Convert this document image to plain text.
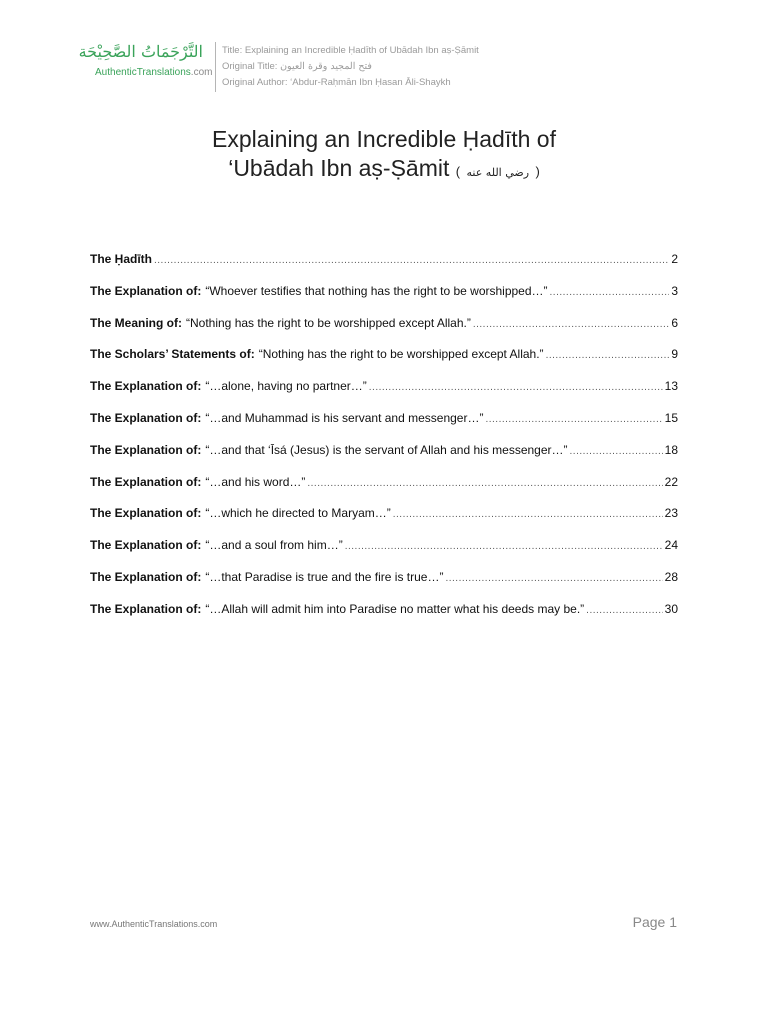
التَّرْجَمَاتُ الصَّحِيْحَة
AuthenticTranslations.com
Title: Explaining an Incredible Ḥadīth of Ubādah Ibn aṣ-Ṣāmit
Original Title: فتح المجيد وقرة العيون
Original Author: ‘Abdur-Raḥmān Ibn Ḥasan Āli-Shaykh
Explaining an Incredible Ḥadīth of
‘Ubādah Ibn aṣ-Ṣāmit ( رضي الله عنه )
The Ḥadīth .....	2
The Explanation of: “Whoever testifies that nothing has the right to be worshipped…” .....	3
The Meaning of: “Nothing has the right to be worshipped except Allah.” .....	6
The Scholars’ Statements of: “Nothing has the right to be worshipped except Allah.” .....	9
The Explanation of: “…alone, having no partner…” .....	13
The Explanation of: “…and Muhammad is his servant and messenger…” .....	15
The Explanation of: “…and that ‘Īsá (Jesus) is the servant of Allah and his messenger…” .....	18
The Explanation of: “…and his word…” .....	22
The Explanation of: “…which he directed to Maryam…” .....	23
The Explanation of: “…and a soul from him…” .....	24
The Explanation of: “…that Paradise is true and the fire is true…” .....	28
The Explanation of: “…Allah will admit him into Paradise no matter what his deeds may be.” .....	30
www.AuthenticTranslations.com	Page 1
